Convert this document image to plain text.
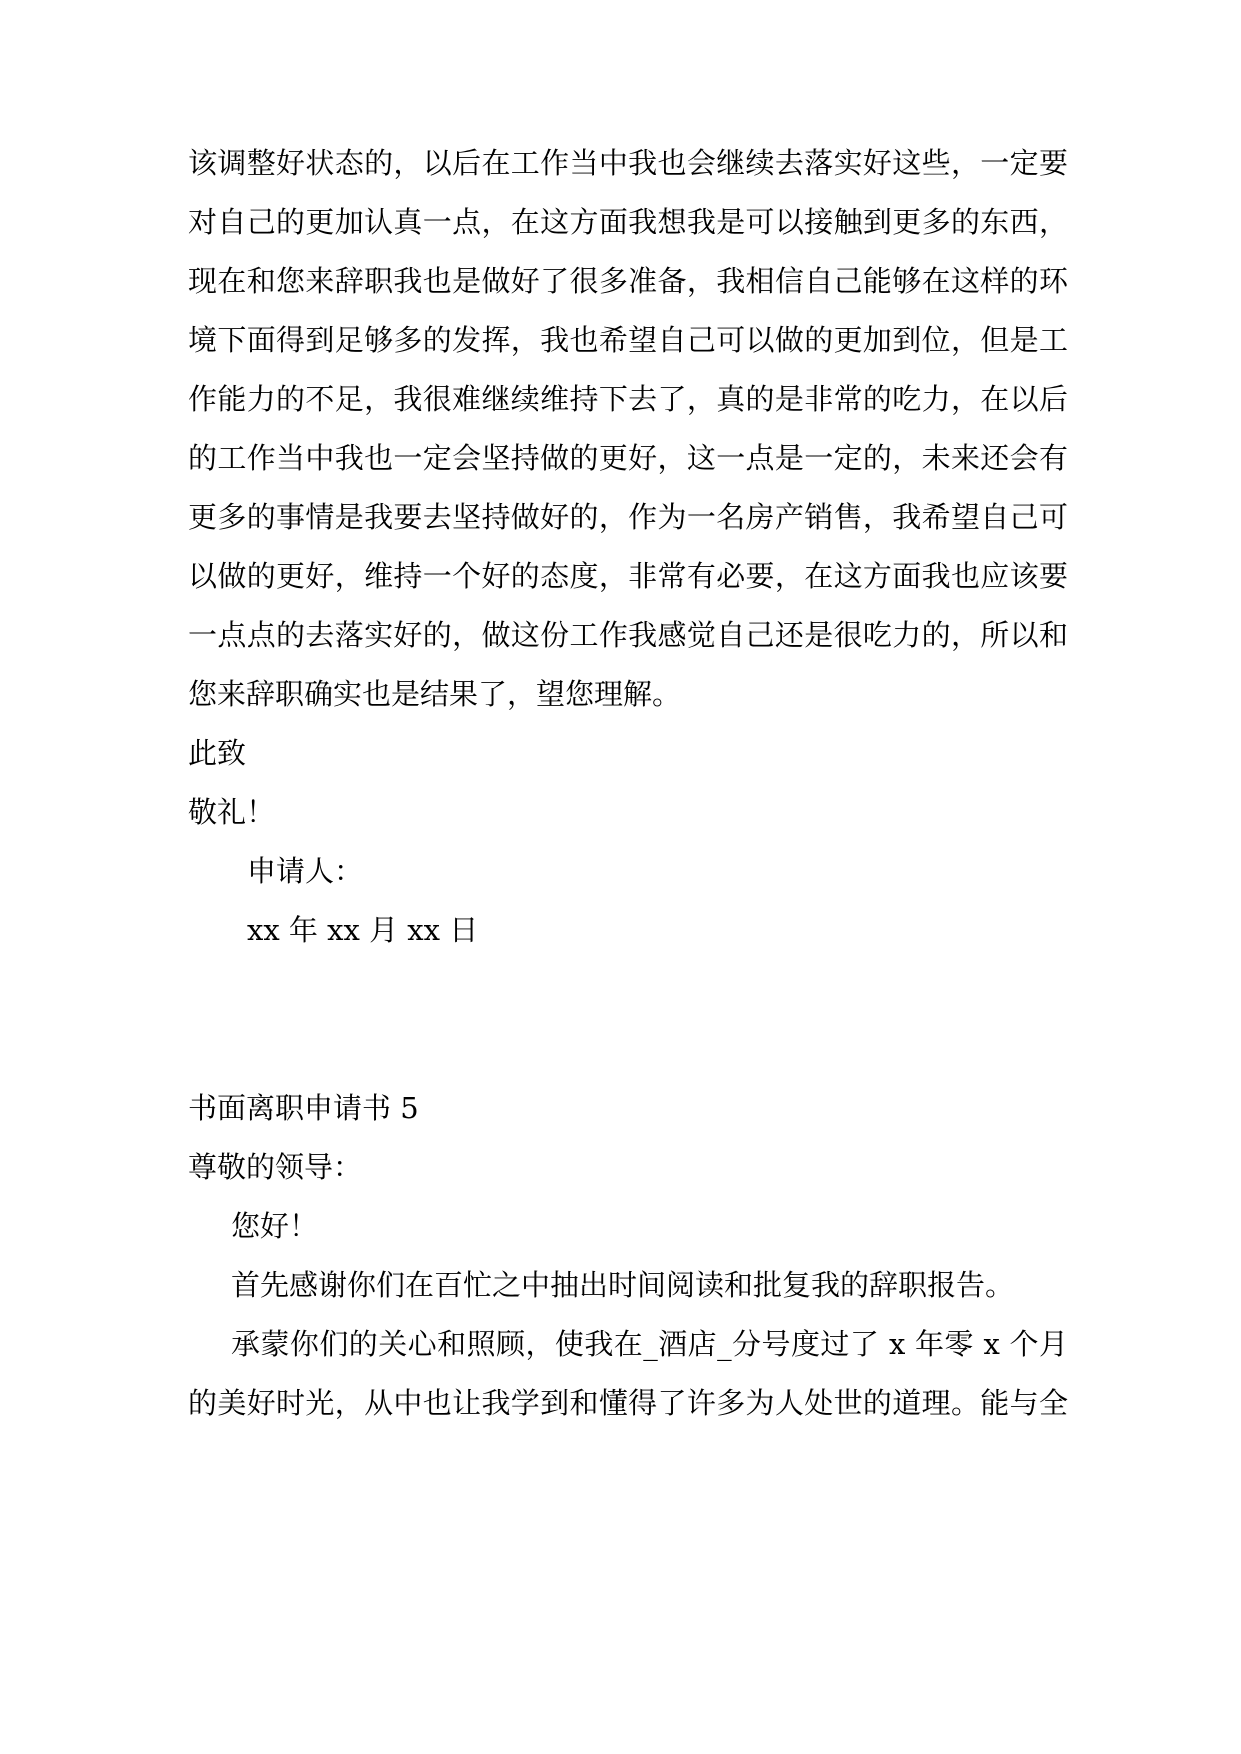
该调整好状态的，以后在工作当中我也会继续去落实好这些，一定要
对自己的更加认真一点，在这方面我想我是可以接触到更多的东西，
现在和您来辞职我也是做好了很多准备，我相信自己能够在这样的环
境下面得到足够多的发挥，我也希望自己可以做的更加到位，但是工
作能力的不足，我很难继续维持下去了，真的是非常的吃力，在以后
的工作当中我也一定会坚持做的更好，这一点是一定的，未来还会有
更多的事情是我要去坚持做好的，作为一名房产销售，我希望自己可
以做的更好，维持一个好的态度，非常有必要，在这方面我也应该要
一点点的去落实好的，做这份工作我感觉自己还是很吃力的，所以和
您来辞职确实也是结果了，望您理解。
此致
敬礼！
申请人：
xx 年 xx 月 xx 日
书面离职申请书 5
尊敬的领导：
您好！
首先感谢你们在百忙之中抽出时间阅读和批复我的辞职报告。
承蒙你们的关心和照顾，使我在_酒店_分号度过了 x 年零 x 个月
的美好时光，从中也让我学到和懂得了许多为人处世的道理。能与全
